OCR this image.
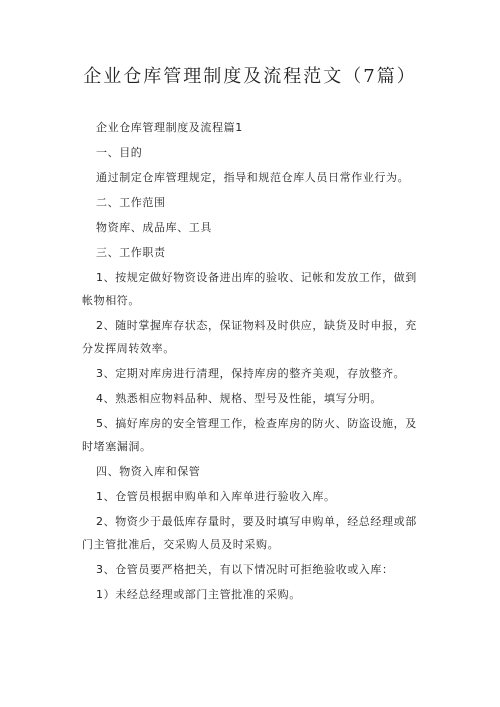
企业仓库管理制度及流程范文（7篇）
企业仓库管理制度及流程篇1
一、目的
通过制定仓库管理规定，指导和规范仓库人员日常作业行为。
二、工作范围
物资库、成品库、工具
三、工作职责
1、按规定做好物资设备进出库的验收、记帐和发放工作，做到帐物相符。
2、随时掌握库存状态，保证物料及时供应，缺货及时申报，充分发挥周转效率。
3、定期对库房进行清理，保持库房的整齐美观，存放整齐。
4、熟悉相应物料品种、规格、型号及性能，填写分明。
5、搞好库房的安全管理工作，检查库房的防火、防盗设施，及时堵塞漏洞。
四、物资入库和保管
1、仓管员根据申购单和入库单进行验收入库。
2、物资少于最低库存量时，要及时填写申购单，经总经理或部门主管批准后，交采购人员及时采购。
3、仓管员要严格把关，有以下情况时可拒绝验收或入库：
1）未经总经理或部门主管批准的采购。
